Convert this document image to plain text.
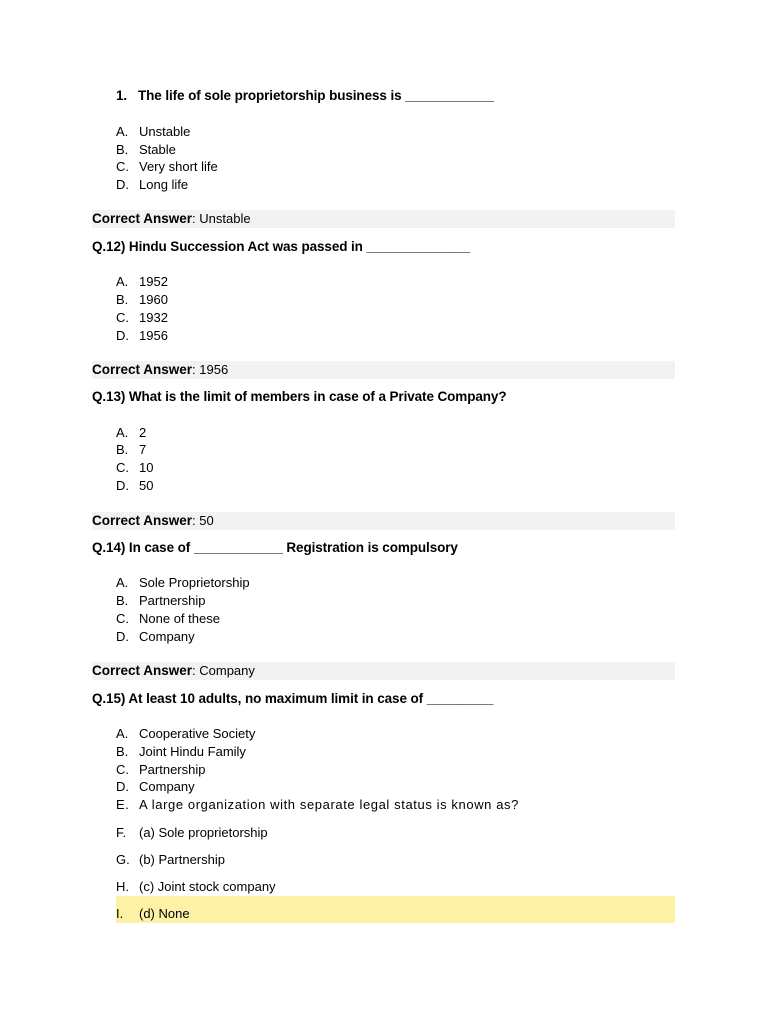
1. The life of sole proprietorship business is ____________
A. Unstable
B. Stable
C. Very short life
D. Long life
Correct Answer: Unstable
Q.12) Hindu Succession Act was passed in ______________
A. 1952
B. 1960
C. 1932
D. 1956
Correct Answer: 1956
Q.13) What is the limit of members in case of a Private Company?
A. 2
B. 7
C. 10
D. 50
Correct Answer: 50
Q.14) In case of ____________ Registration is compulsory
A. Sole Proprietorship
B. Partnership
C. None of these
D. Company
Correct Answer: Company
Q.15) At least 10 adults, no maximum limit in case of _________
A. Cooperative Society
B. Joint Hindu Family
C. Partnership
D. Company
E. A large organization with separate legal status is known as?
F. (a) Sole proprietorship
G. (b) Partnership
H. (c) Joint stock company
I. (d) None
